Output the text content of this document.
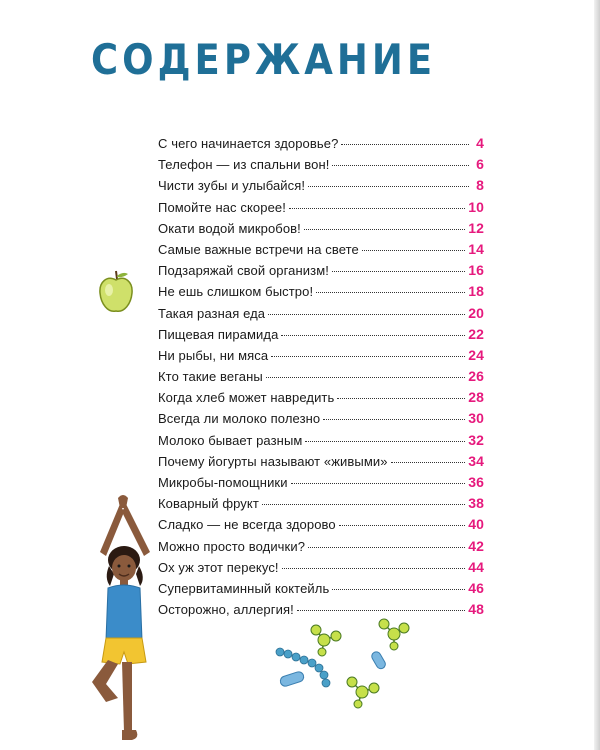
СОДЕРЖАНИЕ
С чего начинается здоровье?	4
Телефон — из спальни вон!	6
Чисти зубы и улыбайся!	8
Помойте нас скорее!	10
Окати водой микробов!	12
Самые важные встречи на свете	14
Подзаряжай свой организм!	16
Не ешь слишком быстро!	18
Такая разная еда	20
Пищевая пирамида	22
Ни рыбы, ни мяса	24
Кто такие веганы	26
Когда хлеб может навредить	28
Всегда ли молоко полезно	30
Молоко бывает разным	32
Почему йогурты называют «живыми»	34
Микробы-помощники	36
Коварный фрукт	38
Сладко — не всегда здорово	40
Можно просто водички?	42
Ох уж этот перекус!	44
Супервитаминный коктейль	46
Осторожно, аллергия!	48
